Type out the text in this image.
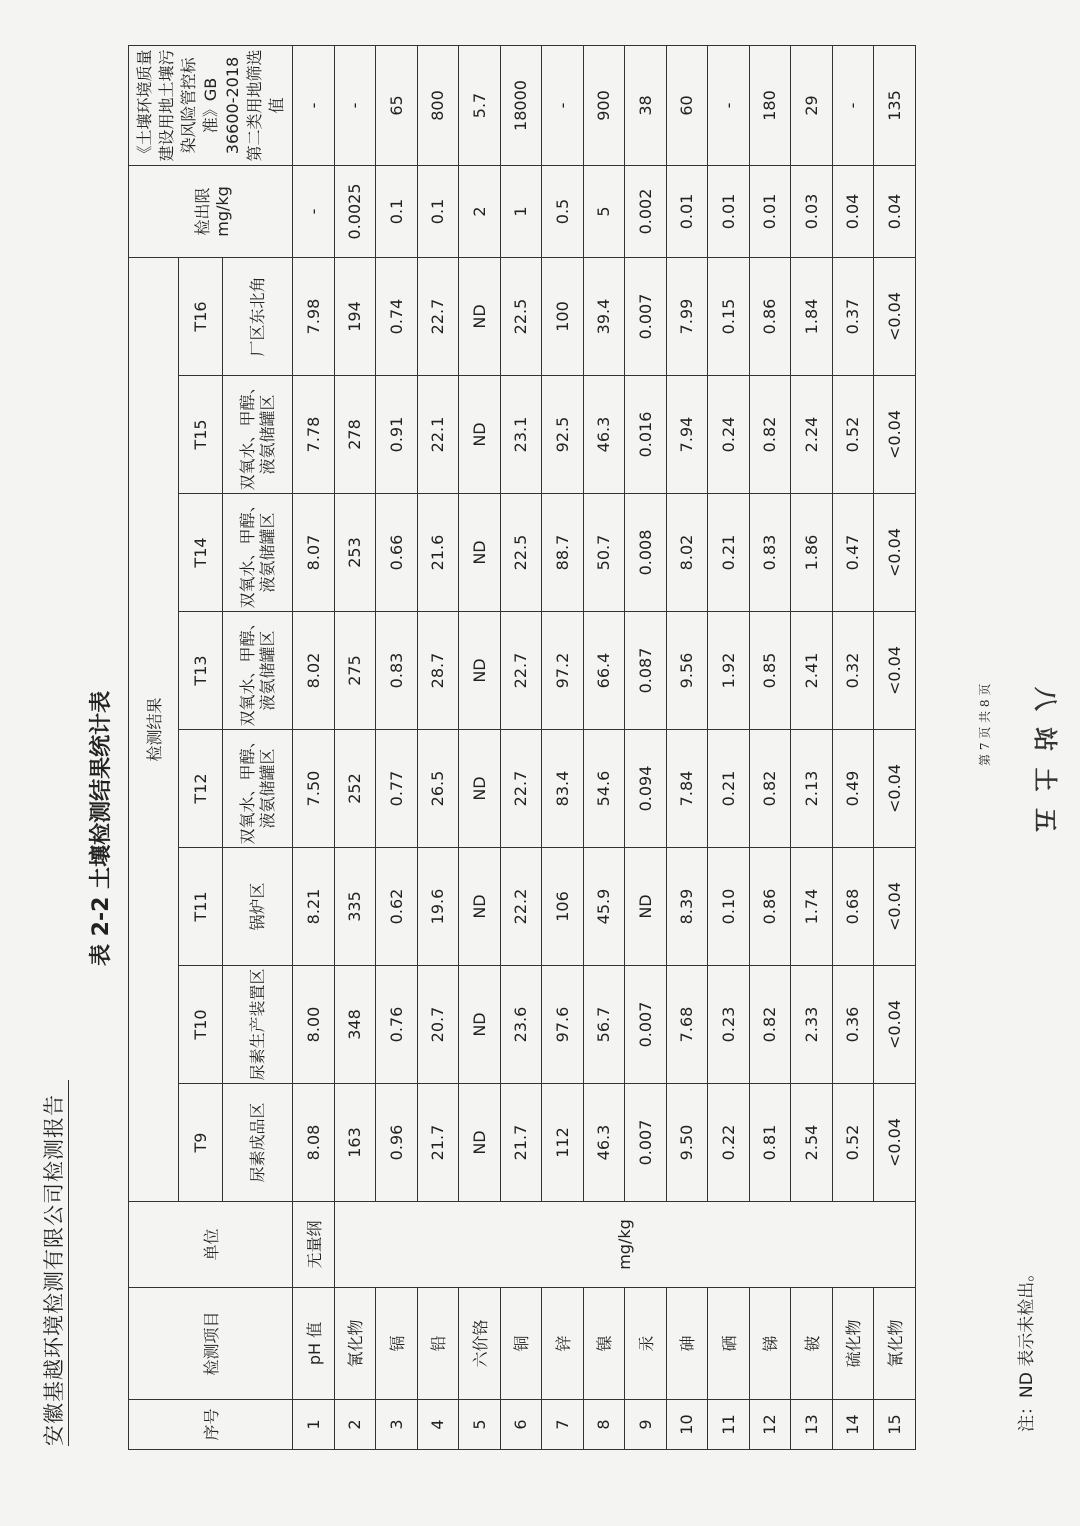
安徽基越环境检测有限公司检测报告
表 2-2 土壤检测结果统计表
序号	检测项目	单位	检测结果								检出限 mg/kg	《土壤环境质量 建设用地土壤污染风险管控标准》GB 36600-2018 第二类用地筛选值
			T9	T10	T11	T12	T13	T14	T15	T16		
			尿素成品区	尿素生产装置区	锅炉区	双氧水、甲醇、液氨储罐区	双氧水、甲醇、液氨储罐区	双氧水、甲醇、液氨储罐区	双氧水、甲醇、液氨储罐区	厂区东北角		
1	pH 值	无量纲	8.08	8.00	8.21	7.50	8.02	8.07	7.78	7.98	-	-
2	氰化物	mg/kg	163	348	335	252	275	253	278	194	0.0025	-
3	镉		0.96	0.76	0.62	0.77	0.83	0.66	0.91	0.74	0.1	65
4	铅		21.7	20.7	19.6	26.5	28.7	21.6	22.1	22.7	0.1	800
5	六价铬		ND	ND	ND	ND	ND	ND	ND	ND	2	5.7
6	铜		21.7	23.6	22.2	22.7	22.7	22.5	23.1	22.5	1	18000
7	锌		112	97.6	106	83.4	97.2	88.7	92.5	100	0.5	-
8	镍		46.3	56.7	45.9	54.6	66.4	50.7	46.3	39.4	5	900
9	汞		0.007	0.007	ND	0.094	0.087	0.008	0.016	0.007	0.002	38
10	砷		9.50	7.68	8.39	7.84	9.56	8.02	7.94	7.99	0.01	60
11	硒		0.22	0.23	0.10	0.21	1.92	0.21	0.24	0.15	0.01	-
12	锑		0.81	0.82	0.86	0.82	0.85	0.83	0.82	0.86	0.01	180
13	铍		2.54	2.33	1.74	2.13	2.41	1.86	2.24	1.84	0.03	29
14	硫化物		0.52	0.36	0.68	0.49	0.32	0.47	0.52	0.37	0.04	-
15	氰化物		<0.04	<0.04	<0.04	<0.04	<0.04	<0.04	<0.04	<0.04	0.04	135
注：ND 表示未检出。
第 7 页 共 8 页 八 站 土 五
